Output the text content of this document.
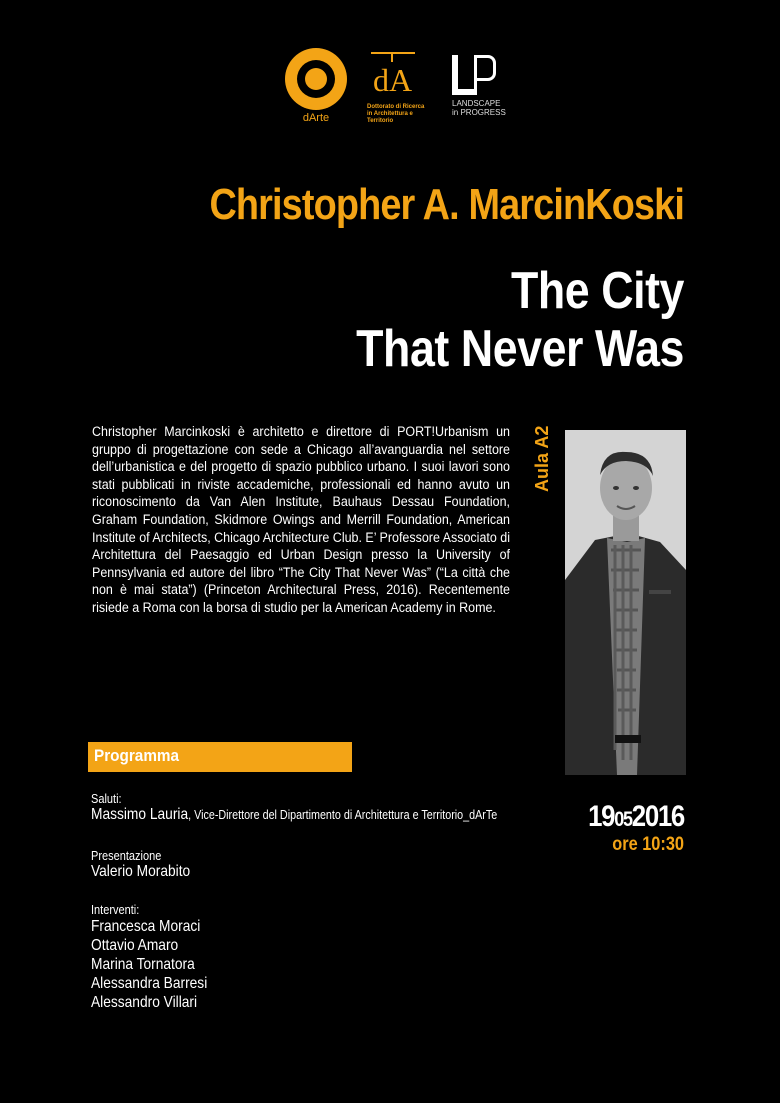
dArte
dA
Dottorato di Ricerca
in Architettura e Territorio
LANDSCAPE
in PROGRESS
Christopher A. MarcinKoski
The City
That Never Was
Christopher Marcinkoski è architetto e direttore di PORT!Urbanism un gruppo di progettazione con sede a Chicago all’avanguardia nel settore dell’urbanistica e del progetto di spazio pubblico urbano. I suoi lavori sono stati pubblicati in riviste accademiche, professionali ed hanno avuto un riconoscimento da Van Alen Institute, Bauhaus Dessau Foundation, Graham Foundation, Skidmore Owings and Merrill Foundation, American Institute of Architects, Chicago Architecture Club. E’ Professore Associato di Architettura del Paesaggio ed Urban Design presso la University of Pennsylvania ed autore del libro “The City That Never Was” (“La città che non è mai stata”) (Princeton Architectural Press, 2016). Recentemente risiede a Roma con la borsa di studio per la American Academy in Rome.
Aula A2
Programma
Saluti:
Massimo Lauria, Vice-Direttore del Dipartimento di Architettura e Territorio_dArTe
Presentazione
Valerio Morabito
Interventi:
Francesca Moraci
Ottavio Amaro
Marina Tornatora
Alessandra Barresi
Alessandro Villari
19052016
ore 10:30
